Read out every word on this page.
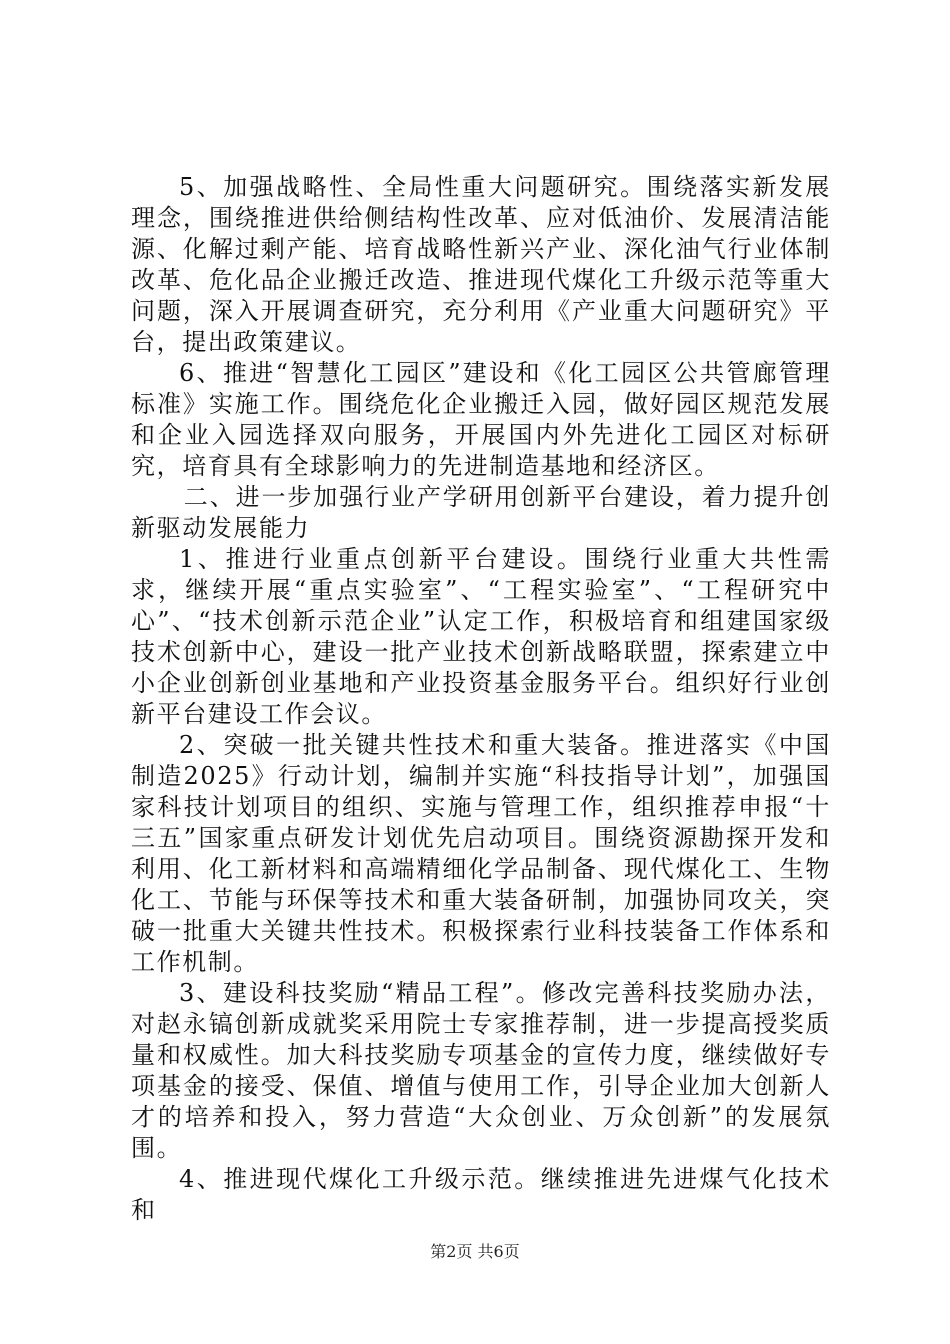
5、加强战略性、全局性重大问题研究。围绕落实新发展理念，围绕推进供给侧结构性改革、应对低油价、发展清洁能源、化解过剩产能、培育战略性新兴产业、深化油气行业体制改革、危化品企业搬迁改造、推进现代煤化工升级示范等重大问题，深入开展调查研究，充分利用《产业重大问题研究》平台，提出政策建议。

6、推进“智慧化工园区”建设和《化工园区公共管廊管理标准》实施工作。围绕危化企业搬迁入园，做好园区规范发展和企业入园选择双向服务，开展国内外先进化工园区对标研究，培育具有全球影响力的先进制造基地和经济区。

二、进一步加强行业产学研用创新平台建设，着力提升创新驱动发展能力

1、推进行业重点创新平台建设。围绕行业重大共性需求，继续开展“重点实验室”、“工程实验室”、“工程研究中心”、“技术创新示范企业”认定工作，积极培育和组建国家级技术创新中心，建设一批产业技术创新战略联盟，探索建立中小企业创新创业基地和产业投资基金服务平台。组织好行业创新平台建设工作会议。

2、突破一批关键共性技术和重大装备。推进落实《中国制造2025》行动计划，编制并实施“科技指导计划”，加强国家科技计划项目的组织、实施与管理工作，组织推荐申报“十三五”国家重点研发计划优先启动项目。围绕资源勘探开发和利用、化工新材料和高端精细化学品制备、现代煤化工、生物化工、节能与环保等技术和重大装备研制，加强协同攻关，突破一批重大关键共性技术。积极探索行业科技装备工作体系和工作机制。

3、建设科技奖励“精品工程”。修改完善科技奖励办法，对赵永镐创新成就奖采用院士专家推荐制，进一步提高授奖质量和权威性。加大科技奖励专项基金的宣传力度，继续做好专项基金的接受、保值、增值与使用工作，引导企业加大创新人才的培养和投入，努力营造“大众创业、万众创新”的发展氛围。

4、推进现代煤化工升级示范。继续推进先进煤气化技术和

第2页 共6页
